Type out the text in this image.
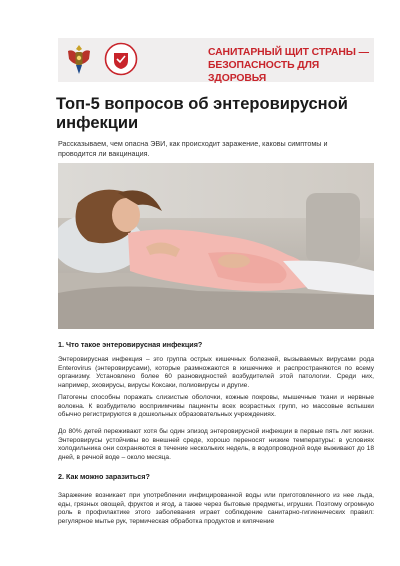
САНИТАРНЫЙ ЩИТ СТРАНЫ —
БЕЗОПАСНОСТЬ ДЛЯ ЗДОРОВЬЯ
Топ-5 вопросов об энтеровирусной инфекции

Рассказываем, чем опасна ЭВИ, как происходит заражение, каковы симптомы и проводится ли вакцинация.

1. Что такое энтеровирусная инфекция?

Энтеровирусная инфекция – это группа острых кишечных болезней, вызываемых вирусами рода Enterovirus (энтеровирусами), которые размножаются в кишечнике и распространяются по всему организму. Установлено более 60 разновидностей возбудителей этой патологии. Среди них, например, эховирусы, вирусы Коксаки, полиовирусы и другие.

Патогены способны поражать слизистые оболочки, кожные покровы, мышечные ткани и нервные волокна. К возбудителю восприимчивы пациенты всех возрастных групп, но массовые вспышки обычно регистрируются в дошкольных образовательных учреждениях.

До 80% детей переживают хотя бы один эпизод энтеровирусной инфекции в первые пять лет жизни. Энтеровирусы устойчивы во внешней среде, хорошо переносят низкие температуры: в условиях холодильника они сохраняются в течение нескольких недель, в водопроводной воде выживают до 18 дней, в речной воде – около месяца.

2. Как можно заразиться?

Заражение возникает при употреблении инфицированной воды или приготовленного из нее льда, еды, грязных овощей, фруктов и ягод, а также через бытовые предметы, игрушки. Поэтому огромную роль в профилактике этого заболевания играет соблюдение санитарно-гигиенических правил: регулярное мытье рук, термическая обработка продуктов и кипячение
